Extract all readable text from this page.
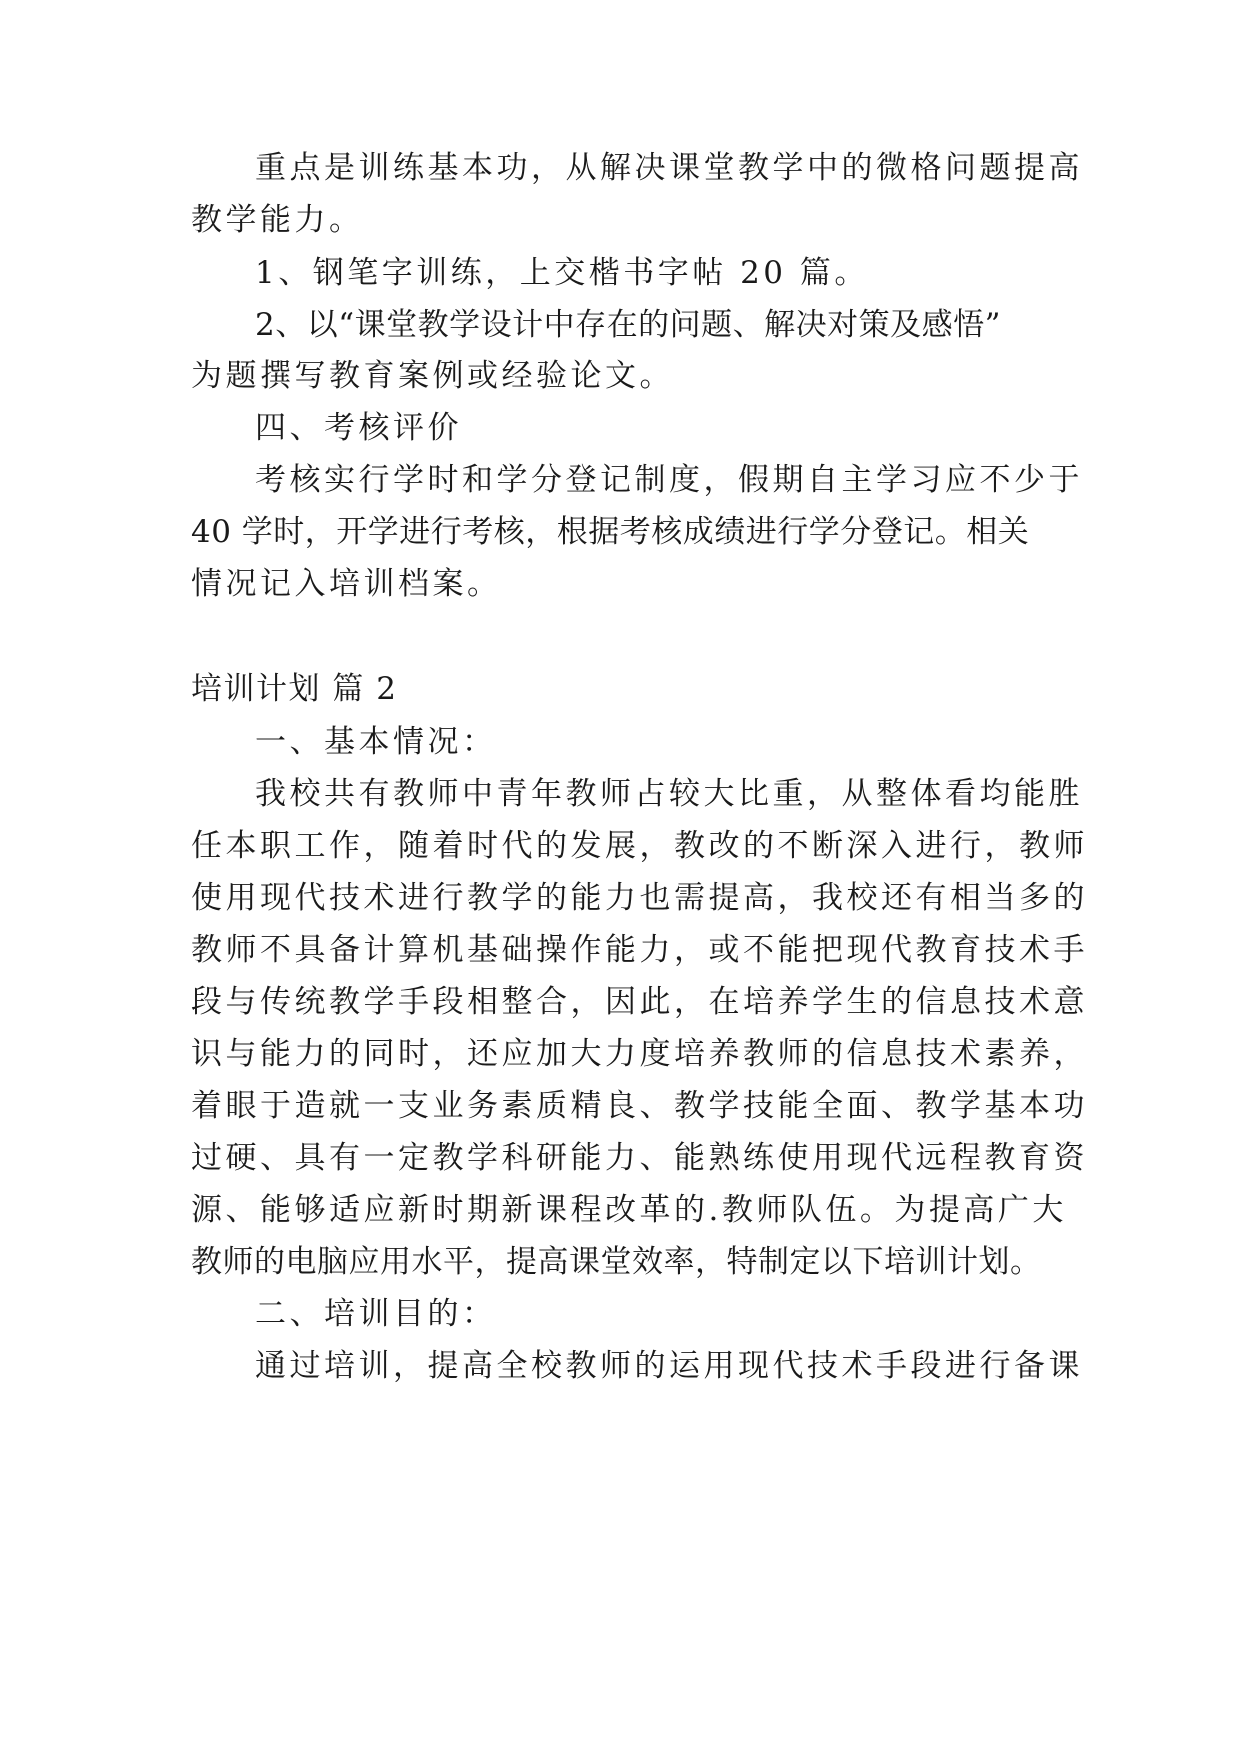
重点是训练基本功，从解决课堂教学中的微格问题提高
教学能力。
1、钢笔字训练，上交楷书字帖 20 篇。
2、以“课堂教学设计中存在的问题、解决对策及感悟”
为题撰写教育案例或经验论文。
四、考核评价
考核实行学时和学分登记制度，假期自主学习应不少于
40 学时，开学进行考核，根据考核成绩进行学分登记。相关
情况记入培训档案。
培训计划 篇 2
一、基本情况：
我校共有教师中青年教师占较大比重，从整体看均能胜
任本职工作，随着时代的发展，教改的不断深入进行，教师
使用现代技术进行教学的能力也需提高，我校还有相当多的
教师不具备计算机基础操作能力，或不能把现代教育技术手
段与传统教学手段相整合，因此，在培养学生的信息技术意
识与能力的同时，还应加大力度培养教师的信息技术素养，
着眼于造就一支业务素质精良、教学技能全面、教学基本功
过硬、具有一定教学科研能力、能熟练使用现代远程教育资
源、能够适应新时期新课程改革的.教师队伍。为提高广大
教师的电脑应用水平，提高课堂效率，特制定以下培训计划。
二、培训目的：
通过培训，提高全校教师的运用现代技术手段进行备课
